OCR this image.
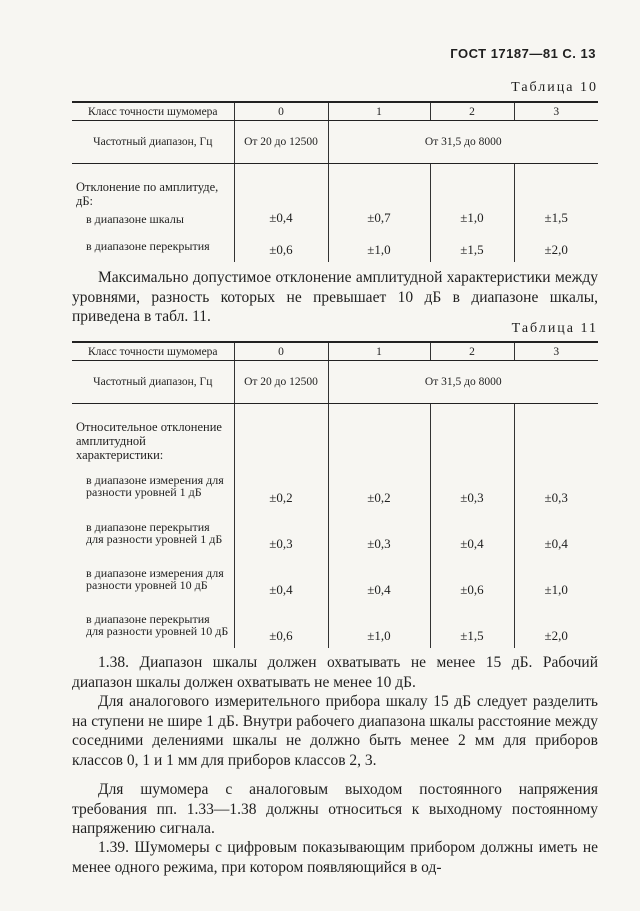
ГОСТ 17187—81 С. 13
Таблица 10
Класс точности шумомера	0	1	2	3
Частотный диапазон, Гц	От 20 до 12500	От 31,5 до 8000		
Отклонение по амплитуде, дБ:				
в диапазоне шкалы	±0,4	±0,7	±1,0	±1,5
в диапазоне перекрытия	±0,6	±1,0	±1,5	±2,0

Максимально допустимое отклонение амплитудной характеристики между уровнями, разность которых не превышает 10 дБ в диапазоне шкалы, приведена в табл. 11.

Таблица 11
Класс точности шумомера	0	1	2	3
Частотный диапазон, Гц	От 20 до 12500	От 31,5 до 8000		
Относительное отклонение амплитудной характеристики:				
в диапазоне измерения для разности уровней 1 дБ	±0,2	±0,2	±0,3	±0,3
в диапазоне перекрытия для разности уровней 1 дБ	±0,3	±0,3	±0,4	±0,4
в диапазоне измерения для разности уровней 10 дБ	±0,4	±0,4	±0,6	±1,0
в диапазоне перекрытия для разности уровней 10 дБ	±0,6	±1,0	±1,5	±2,0

1.38. Диапазон шкалы должен охватывать не менее 15 дБ. Рабочий диапазон шкалы должен охватывать не менее 10 дБ.

Для аналогового измерительного прибора шкалу 15 дБ следует разделить на ступени не шире 1 дБ. Внутри рабочего диапазона шкалы расстояние между соседними делениями шкалы не должно быть менее 2 мм для приборов классов 0, 1 и 1 мм для приборов классов 2, 3.

Для шумомера с аналоговым выходом постоянного напряжения требования пп. 1.33—1.38 должны относиться к выходному постоянному напряжению сигнала.

1.39. Шумомеры с цифровым показывающим прибором должны иметь не менее одного режима, при котором появляющийся в од-
